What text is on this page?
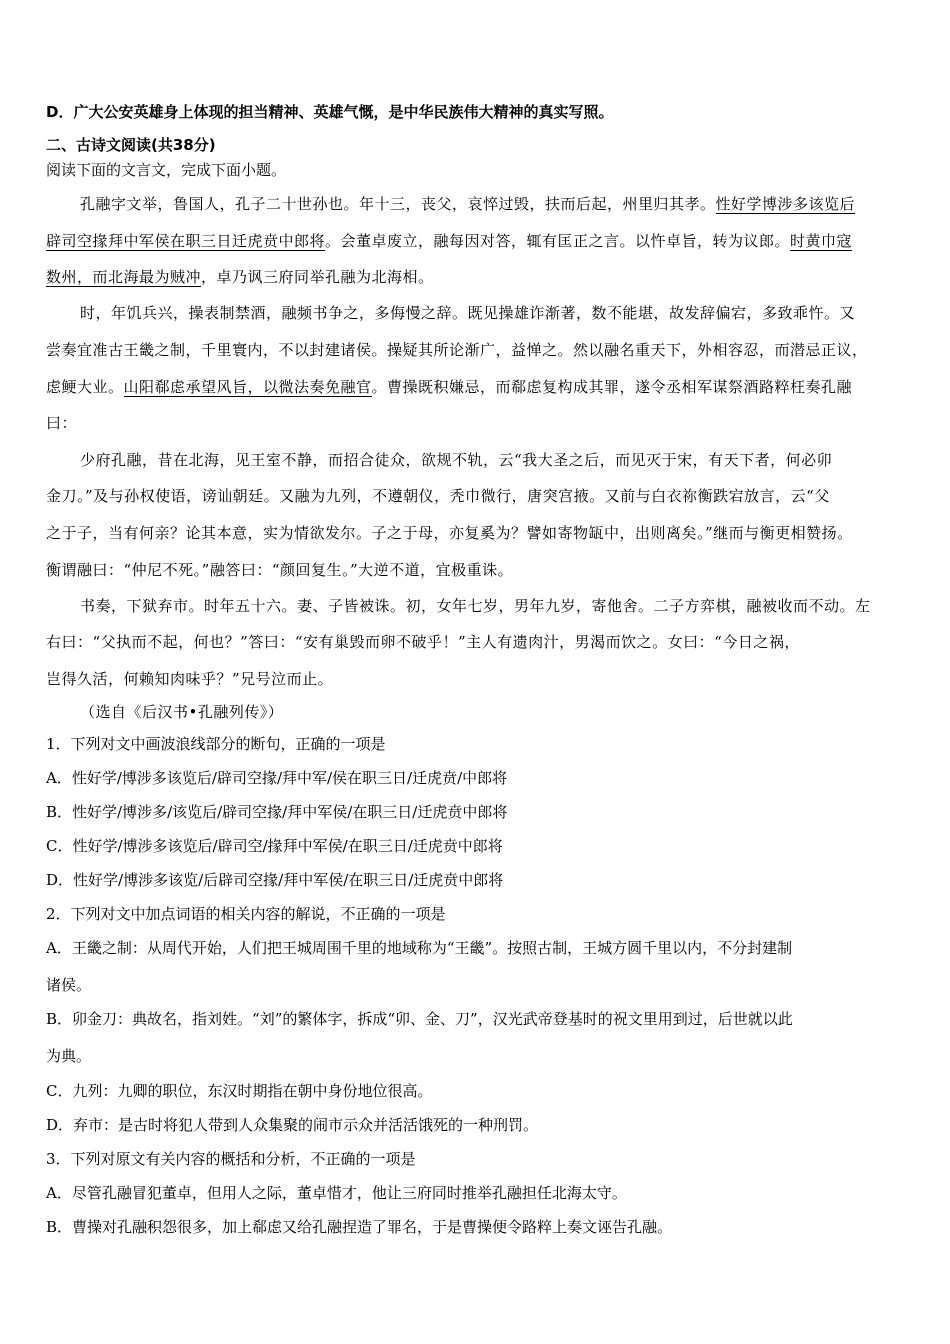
D．广大公安英雄身上体现的担当精神、英雄气慨，是中华民族伟大精神的真实写照。
二、古诗文阅读(共38分)
阅读下面的文言文，完成下面小题。
孔融字文举，鲁国人，孔子二十世孙也。年十三，丧父，哀悴过毁，扶而后起，州里归其孝。性好学博涉多该览后
辟司空掾拜中军侯在职三日迁虎贲中郎将。会董卓废立，融每因对答，辄有匡正之言。以忤卓旨，转为议郎。时黄巾寇
数州，而北海最为贼冲，卓乃讽三府同举孔融为北海相。
时，年饥兵兴，操表制禁酒，融频书争之，多侮慢之辞。既见操雄诈渐著，数不能堪，故发辞偏宕，多致乖忤。又
尝奏宜准古王畿之制，千里寰内，不以封建诸侯。操疑其所论渐广，益惮之。然以融名重天下，外相容忍，而潜忌正议，
虑鲠大业。山阳郗虑承望风旨，以微法奏免融官。曹操既积嫌忌，而郗虑复构成其罪，遂令丞相军谋祭酒路粹枉奏孔融
曰：
少府孔融，昔在北海，见王室不静，而招合徒众，欲规不轨，云“我大圣之后，而见灭于宋，有天下者，何必卯
金刀。”及与孙权使语，谤讪朝廷。又融为九列，不遵朝仪，秃巾微行，唐突宫掖。又前与白衣祢衡跌宕放言，云“父
之于子，当有何亲？论其本意，实为情欲发尔。子之于母，亦复奚为？譬如寄物缻中，出则离矣。”继而与衡更相赞扬。
衡谓融曰：“仲尼不死。”融答曰：“颜回复生。”大逆不道，宜极重诛。
书奏，下狱弃市。时年五十六。妻、子皆被诛。初，女年七岁，男年九岁，寄他舍。二子方弈棋，融被收而不动。左
右曰：“父执而不起，何也？”答曰：“安有巢毁而卵不破乎！”主人有遗肉汁，男渴而饮之。女曰：“今日之祸，
岂得久活，何赖知肉味乎？”兄号泣而止。
（选自《后汉书•孔融列传》）
1．下列对文中画波浪线部分的断句，正确的一项是
A．性好学/博涉多该览后/辟司空掾/拜中军/侯在职三日/迁虎贲/中郎将
B．性好学/博涉多/该览后/辟司空掾/拜中军侯/在职三日/迁虎贲中郎将
C．性好学/博涉多该览后/辟司空/掾拜中军侯/在职三日/迁虎贲中郎将
D．性好学/博涉多该览/后辟司空掾/拜中军侯/在职三日/迁虎贲中郎将
2．下列对文中加点词语的相关内容的解说，不正确的一项是
A．王畿之制：从周代开始，人们把王城周围千里的地域称为“王畿”。按照古制，王城方圆千里以内，不分封建制
诸侯。
B．卯金刀：典故名，指刘姓。“刘”的繁体字，拆成“卯、金、刀”，汉光武帝登基时的祝文里用到过，后世就以此
为典。
C．九列：九卿的职位，东汉时期指在朝中身份地位很高。
D．弃市：是古时将犯人带到人众集聚的闹市示众并活活饿死的一种刑罚。
3．下列对原文有关内容的概括和分析，不正确的一项是
A．尽管孔融冒犯董卓，但用人之际，董卓惜才，他让三府同时推举孔融担任北海太守。
B．曹操对孔融积怨很多，加上郗虑又给孔融捏造了罪名，于是曹操便令路粹上奏文诬告孔融。
